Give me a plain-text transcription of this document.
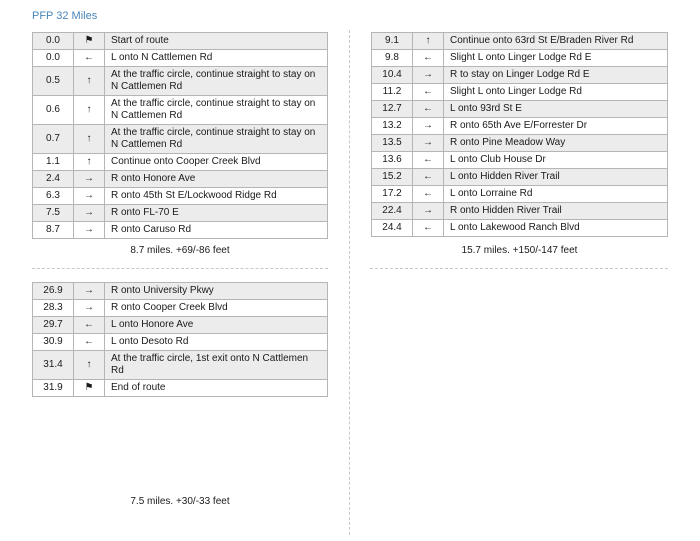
PFP 32 Miles
0.0	⚑	Start of route
0.0	←	L onto N Cattlemen Rd
0.5	↑	At the traffic circle, continue straight to stay on N Cattlemen Rd
0.6	↑	At the traffic circle, continue straight to stay on N Cattlemen Rd
0.7	↑	At the traffic circle, continue straight to stay on N Cattlemen Rd
1.1	↑	Continue onto Cooper Creek Blvd
2.4	→	R onto Honore Ave
6.3	→	R onto 45th St E/Lockwood Ridge Rd
7.5	→	R onto FL-70 E
8.7	→	R onto Caruso Rd
9.1	↑	Continue onto 63rd St E/Braden River Rd
9.8	←	Slight L onto Linger Lodge Rd E
10.4	→	R to stay on Linger Lodge Rd E
11.2	←	Slight L onto Linger Lodge Rd
12.7	←	L onto 93rd St E
13.2	→	R onto 65th Ave E/Forrester Dr
13.5	→	R onto Pine Meadow Way
13.6	←	L onto Club House Dr
15.2	←	L onto Hidden River Trail
17.2	←	L onto Lorraine Rd
22.4	→	R onto Hidden River Trail
24.4	←	L onto Lakewood Ranch Blvd
26.9	→	R onto University Pkwy
28.3	→	R onto Cooper Creek Blvd
29.7	←	L onto Honore Ave
30.9	←	L onto Desoto Rd
31.4	↑	At the traffic circle, 1st exit onto N Cattlemen Rd
31.9	⚑	End of route
8.7 miles. +69/-86 feet	15.7 miles. +150/-147 feet
7.5 miles. +30/-33 feet
